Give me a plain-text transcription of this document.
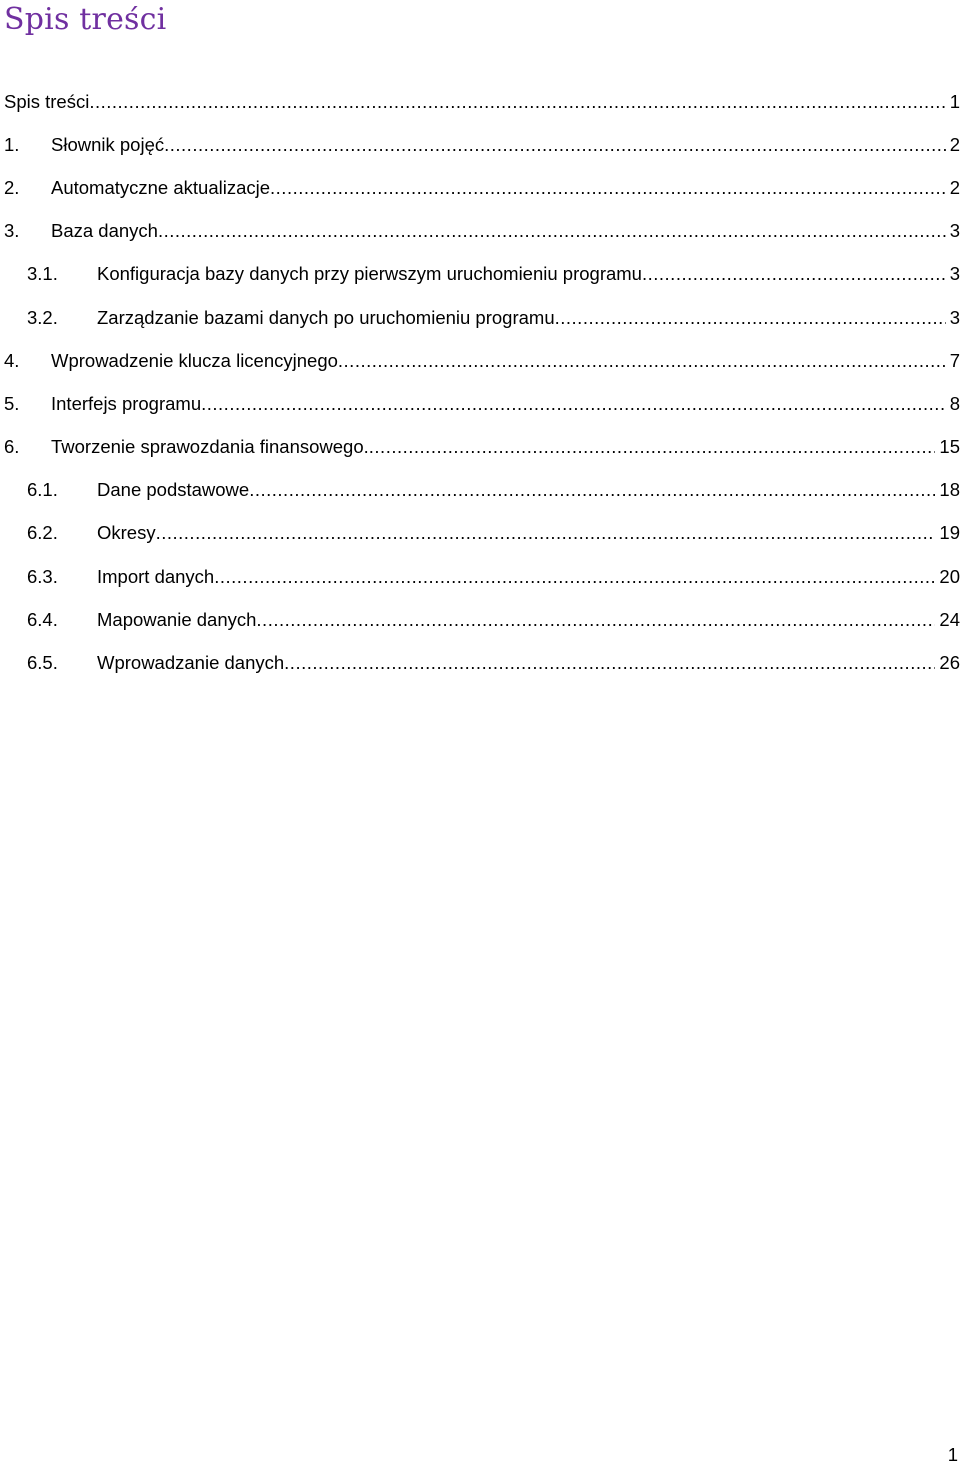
Spis treści
Spis treści .....	1
1.	Słownik pojęć .....	2
2.	Automatyczne aktualizacje .....	2
3.	Baza danych .....	3
3.1.	Konfiguracja bazy danych przy pierwszym uruchomieniu programu .....	3
3.2.	Zarządzanie bazami danych po uruchomieniu programu .....	3
4.	Wprowadzenie klucza licencyjnego .....	7
5.	Interfejs programu .....	8
6.	Tworzenie sprawozdania finansowego. .....	15
6.1.	Dane podstawowe .....	18
6.2.	Okresy .....	19
6.3.	Import danych .....	20
6.4.	Mapowanie danych .....	24
6.5.	Wprowadzanie danych .....	26
1
